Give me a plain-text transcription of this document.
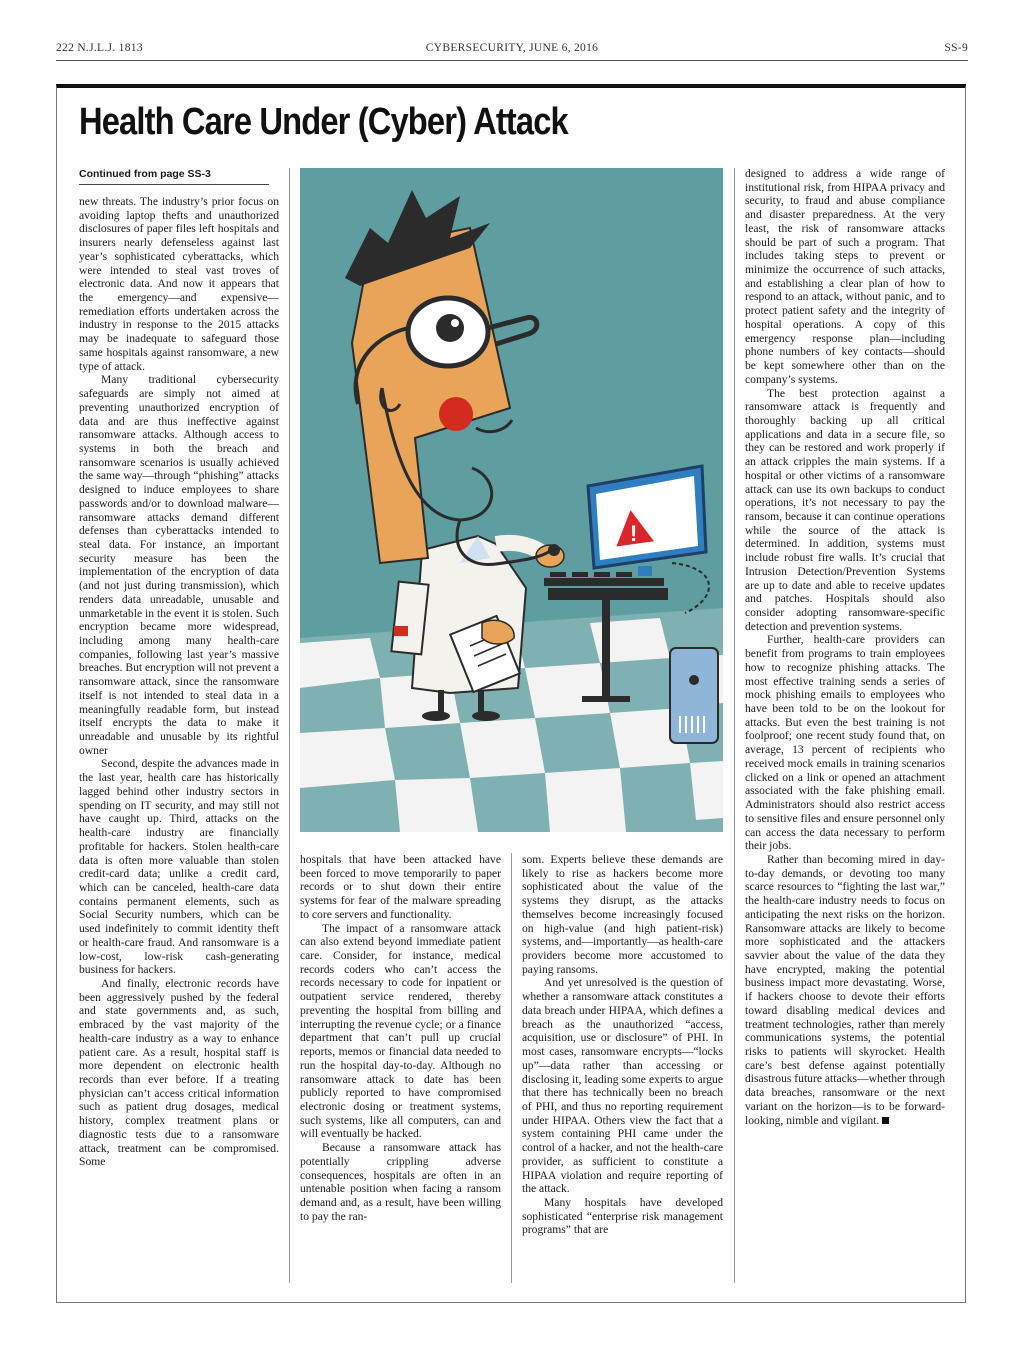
222 N.J.L.J. 1813	CYBERSECURITY, JUNE 6, 2016	SS-9
Health Care Under (Cyber) Attack
Continued from page SS-3
!

new threats. The industry’s prior focus on avoiding laptop thefts and unauthorized disclosures of paper files left hospitals and insurers nearly defenseless against last year’s sophisticated cyberattacks, which were intended to steal vast troves of electronic data. And now it appears that the emergency—and expensive—remediation efforts undertaken across the industry in response to the 2015 attacks may be inadequate to safeguard those same hospitals against ransomware, a new type of attack.

Many traditional cybersecurity safeguards are simply not aimed at preventing unauthorized encryption of data and are thus ineffective against ransomware attacks. Although access to systems in both the breach and ransomware scenarios is usually achieved the same way—through “phishing” attacks designed to induce employees to share passwords and/or to download malware—ransomware attacks demand different defenses than cyberattacks intended to steal data. For instance, an important security measure has been the implementation of the encryption of data (and not just during transmission), which renders data unreadable, unusable and unmarketable in the event it is stolen. Such encryption became more widespread, including among many health-care companies, following last year’s massive breaches. But encryption will not prevent a ransomware attack, since the ransomware itself is not intended to steal data in a meaningfully readable form, but instead itself encrypts the data to make it unreadable and unusable by its rightful owner

Second, despite the advances made in the last year, health care has historically lagged behind other industry sectors in spending on IT security, and may still not have caught up. Third, attacks on the health-care industry are financially profitable for hackers. Stolen health-care data is often more valuable than stolen credit-card data; unlike a credit card, which can be canceled, health-care data contains permanent elements, such as Social Security numbers, which can be used indefinitely to commit identity theft or health-care fraud. And ransomware is a low-cost, low-risk cash-generating business for hackers.

And finally, electronic records have been aggressively pushed by the federal and state governments and, as such, embraced by the vast majority of the health-care industry as a way to enhance patient care. As a result, hospital staff is more dependent on electronic health records than ever before. If a treating physician can’t access critical information such as patient drug dosages, medical history, complex treatment plans or diagnostic tests due to a ransomware attack, treatment can be compromised. Some

hospitals that have been attacked have been forced to move temporarily to paper records or to shut down their entire systems for fear of the malware spreading to core servers and functionality.

The impact of a ransomware attack can also extend beyond immediate patient care. Consider, for instance, medical records coders who can’t access the records necessary to code for inpatient or outpatient service rendered, thereby preventing the hospital from billing and interrupting the revenue cycle; or a finance department that can’t pull up crucial reports, memos or financial data needed to run the hospital day-to-day. Although no ransomware attack to date has been publicly reported to have compromised electronic dosing or treatment systems, such systems, like all computers, can and will eventually be hacked.

Because a ransomware attack has potentially crippling adverse consequences, hospitals are often in an untenable position when facing a ransom demand and, as a result, have been willing to pay the ran-

som. Experts believe these demands are likely to rise as hackers become more sophisticated about the value of the systems they disrupt, as the attacks themselves become increasingly focused on high-value (and high patient-risk) systems, and—importantly—as health-care providers become more accustomed to paying ransoms.

And yet unresolved is the question of whether a ransomware attack constitutes a data breach under HIPAA, which defines a breach as the unauthorized “access, acquisition, use or disclosure” of PHI. In most cases, ransomware encrypts—“locks up”—data rather than accessing or disclosing it, leading some experts to argue that there has technically been no breach of PHI, and thus no reporting requirement under HIPAA. Others view the fact that a system containing PHI came under the control of a hacker, and not the health-care provider, as sufficient to constitute a HIPAA violation and require reporting of the attack.

Many hospitals have developed sophisticated “enterprise risk management programs” that are

designed to address a wide range of institutional risk, from HIPAA privacy and security, to fraud and abuse compliance and disaster preparedness. At the very least, the risk of ransomware attacks should be part of such a program. That includes taking steps to prevent or minimize the occurrence of such attacks, and establishing a clear plan of how to respond to an attack, without panic, and to protect patient safety and the integrity of hospital operations. A copy of this emergency response plan—including phone numbers of key contacts—should be kept somewhere other than on the company’s systems.

The best protection against a ransomware attack is frequently and thoroughly backing up all critical applications and data in a secure file, so they can be restored and work properly if an attack cripples the main systems. If a hospital or other victims of a ransomware attack can use its own backups to conduct operations, it’s not necessary to pay the ransom, because it can continue operations while the source of the attack is determined. In addition, systems must include robust fire walls. It’s crucial that Intrusion Detection/Prevention Systems are up to date and able to receive updates and patches. Hospitals should also consider adopting ransomware-specific detection and prevention systems.

Further, health-care providers can benefit from programs to train employees how to recognize phishing attacks. The most effective training sends a series of mock phishing emails to employees who have been told to be on the lookout for attacks. But even the best training is not foolproof; one recent study found that, on average, 13 percent of recipients who received mock emails in training scenarios clicked on a link or opened an attachment associated with the fake phishing email. Administrators should also restrict access to sensitive files and ensure personnel only can access the data necessary to perform their jobs.

Rather than becoming mired in day-to-day demands, or devoting too many scarce resources to “fighting the last war,” the health-care industry needs to focus on anticipating the next risks on the horizon. Ransomware attacks are likely to become more sophisticated and the attackers savvier about the value of the data they have encrypted, making the potential business impact more devastating. Worse, if hackers choose to devote their efforts toward disabling medical devices and treatment technologies, rather than merely communications systems, the potential risks to patients will skyrocket. Health care’s best defense against potentially disastrous future attacks—whether through data breaches, ransomware or the next variant on the horizon—is to be forward-looking, nimble and vigilant.
